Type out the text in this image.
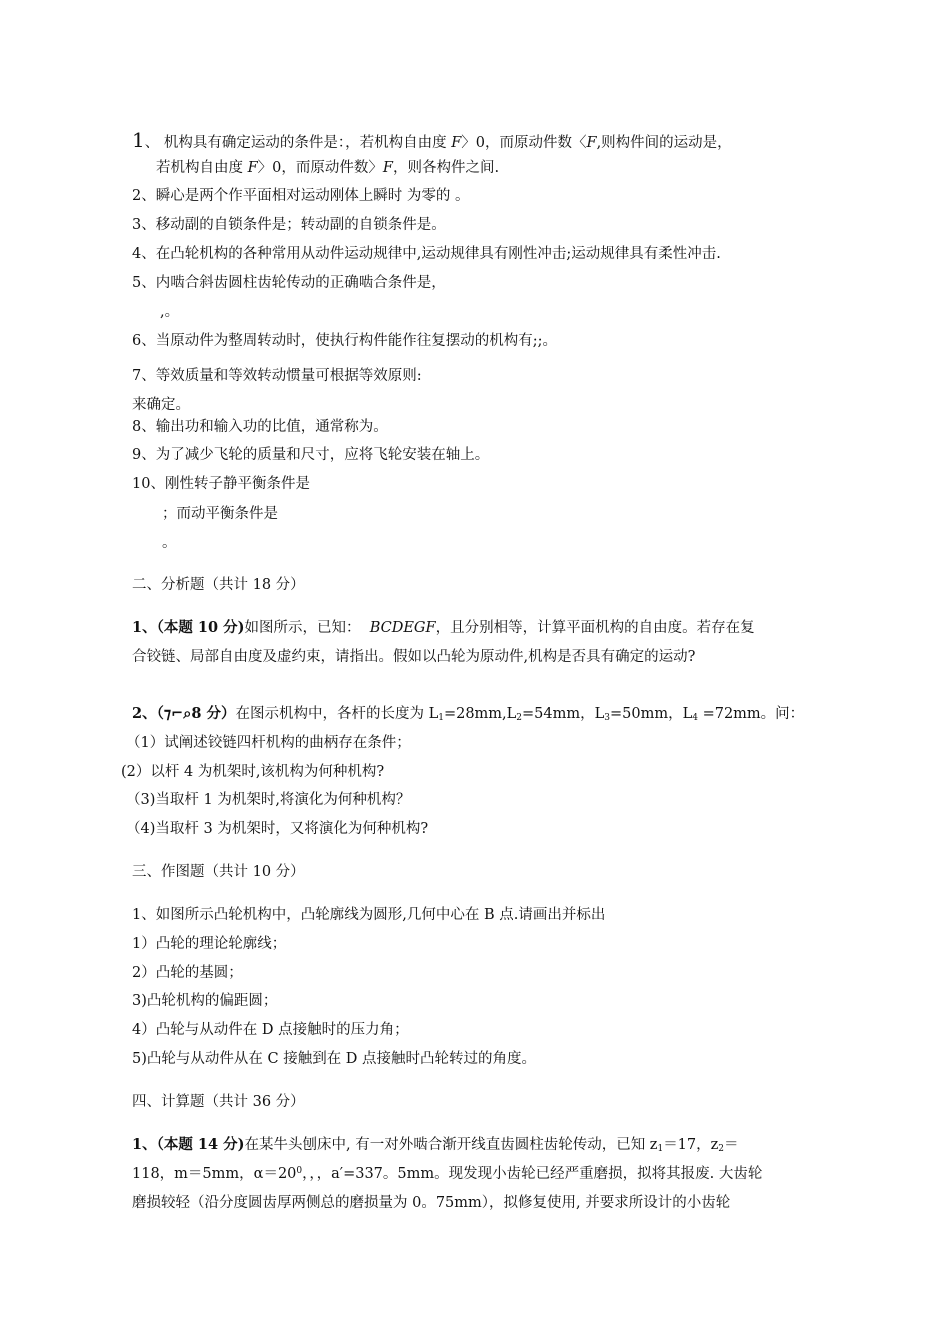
1、 机构具有确定运动的条件是：，若机构自由度 F〉0，而原动件数〈F,则构件间的运动是，
若机构自由度 F〉0，而原动件数〉F，则各构件之间.
2、瞬心是两个作平面相对运动刚体上瞬时 为零的 。
3、移动副的自锁条件是；转动副的自锁条件是。
4、在凸轮机构的各种常用从动件运动规律中,运动规律具有刚性冲击;运动规律具有柔性冲击.
5、内啮合斜齿圆柱齿轮传动的正确啮合条件是，
,。
6、当原动件为整周转动时，使执行构件能作往复摆动的机构有;;。
7、等效质量和等效转动惯量可根据等效原则:
来确定。
8、输出功和输入功的比值，通常称为。
9、为了减少飞轮的质量和尺寸，应将飞轮安装在轴上。
10、刚性转子静平衡条件是
；而动平衡条件是
。
二、分析题（共计 18 分）
1、（本题 10 分)如图所示，已知： BCDEGF，且分别相等，计算平面机构的自由度。若存在复
合铰链、局部自由度及虚约束，请指出。假如以凸轮为原动件,机构是否具有确定的运动?
2、（⁊⌐⌕8 分）在图示机构中，各杆的长度为 $L_1=28mm,L_2=54mm$，$L_3=50mm$，$L_4 =72mm$。问：
（1）试阐述铰链四杆机构的曲柄存在条件；
(2）以杆 4 为机架时,该机构为何种机构?
（3)当取杆 1 为机架时,将演化为何种机构？
（4)当取杆 3 为机架时，又将演化为何种机构?
三、作图题（共计 10 分）
1、如图所示凸轮机构中，凸轮廓线为圆形,几何中心在 B 点.请画出并标出
1）凸轮的理论轮廓线；
2）凸轮的基圆；
3)凸轮机构的偏距圆；
4）凸轮与从动件在 D 点接触时的压力角；
5)凸轮与从动件从在 C 接触到在 D 点接触时凸轮转过的角度。
四、计算题（共计 36 分）
1、（本题 14 分)在某牛头刨床中, 有一对外啮合渐开线直齿圆柱齿轮传动，已知 $z_1=17$，$z_2=$
118，m＝5mm，$\alpha=20^0$，，，a′=337。5mm。现发现小齿轮已经严重磨损，拟将其报废. 大齿轮
磨损较轻（沿分度圆齿厚两侧总的磨损量为 0。75mm），拟修复使用, 并要求所设计的小齿轮
